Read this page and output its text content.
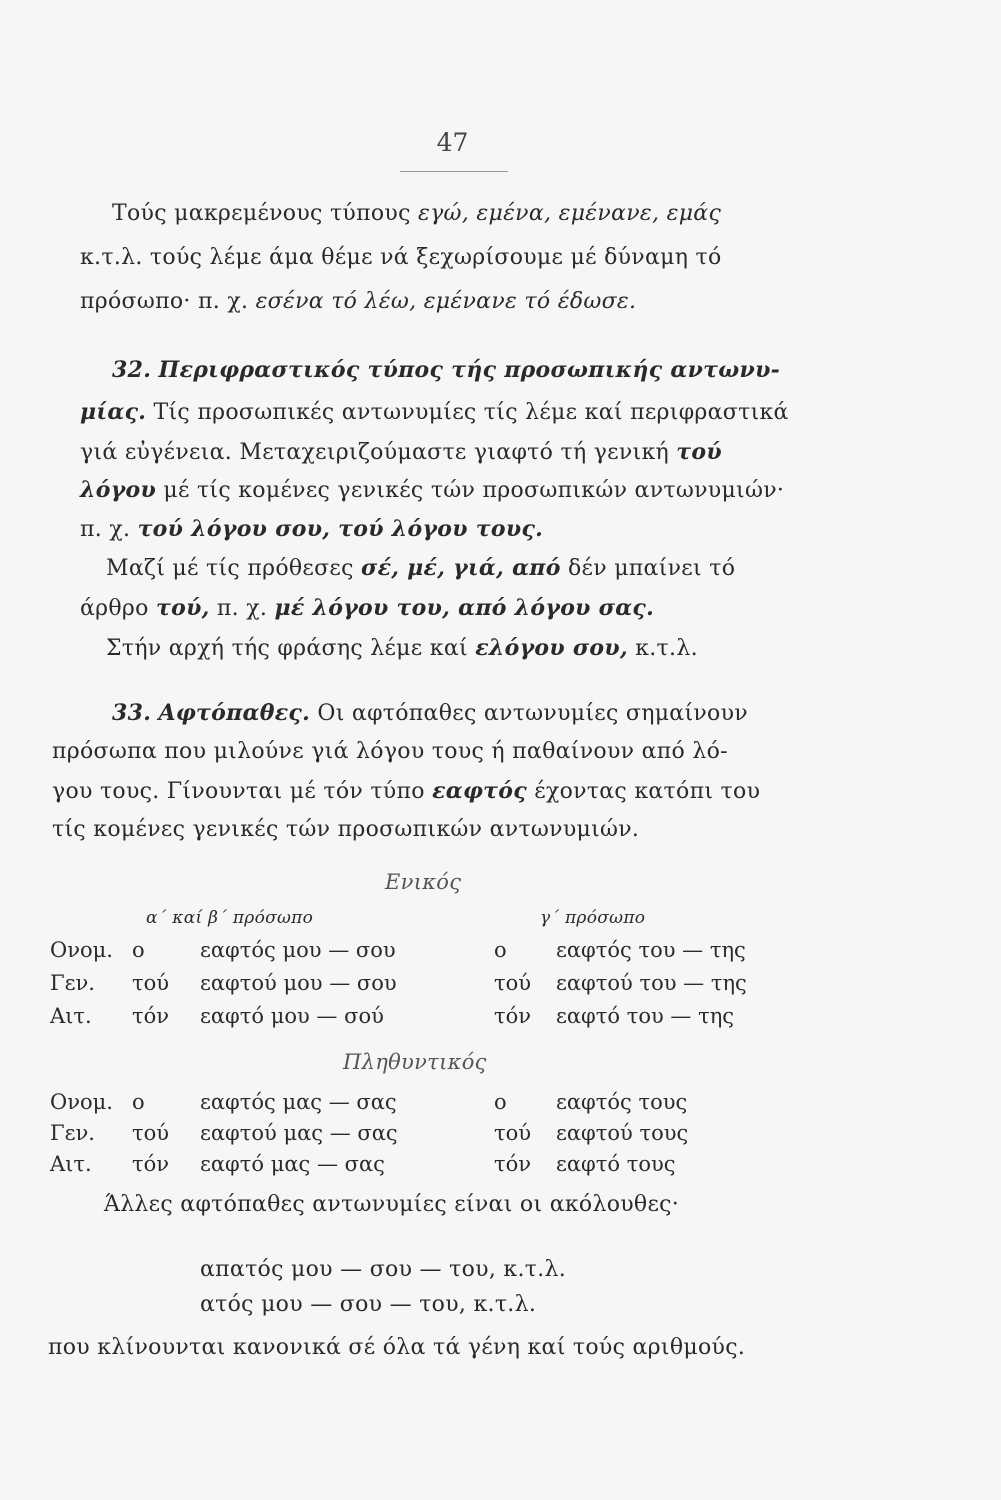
47
Τούς μακρεμένους τύπους εγώ, εμένα, εμένανε, εμάς
κ.τ.λ. τούς λέμε άμα θέμε νά ξεχωρίσουμε μέ δύναμη τό
πρόσωπο· π. χ. εσένα τό λέω, εμένανε τό έδωσε.
32. Περιφραστικός τύπος τής προσωπικής αντωνυ-
μίας. Τίς προσωπικές αντωνυμίες τίς λέμε καί περιφραστικά
γιά εὐγένεια. Μεταχειριζούμαστε γιαφτό τή γενική τού
λόγου μέ τίς κομένες γενικές τών προσωπικών αντωνυμιών·
π. χ. τού λόγου σου, τού λόγου τους.
Μαζί μέ τίς πρόθεσες σέ, μέ, γιά, από δέν μπαίνει τό
άρθρο τού, π. χ. μέ λόγου του, από λόγου σας.
Στήν αρχή τής φράσης λέμε καί ελόγου σου, κ.τ.λ.
33. Αφτόπαθες. Οι αφτόπαθες αντωνυμίες σημαίνουν
πρόσωπα που μιλούνε γιά λόγου τους ή παθαίνουν από λό-
γου τους. Γίνουνται μέ τόν τύπο εαφτός έχοντας κατόπι του
τίς κομένες γενικές τών προσωπικών αντωνυμιών.
Ενικός
α΄ καί β΄ πρόσωπο	γ΄ πρόσωπο
Ονομ. ο	εαφτός μου — σου	ο εαφτός του — της
Γεν. τού εαφτού μου — σου	τού εαφτού του — της
Αιτ. τόν εαφτό μου — σού	τόν εαφτό του — της
Πληθυντικός
Ονομ. ο	εαφτός μας — σας	ο εαφτός τους
Γεν. τού εαφτού μας — σας	τού εαφτού τους
Αιτ. τόν εαφτό μας — σας	τόν εαφτό τους
Άλλες αφτόπαθες αντωνυμίες είναι οι ακόλουθες·
απατός μου — σου — του, κ.τ.λ.
ατός μου — σου — του, κ.τ.λ.
που κλίνουνται κανονικά σέ όλα τά γένη καί τούς αριθμούς.
